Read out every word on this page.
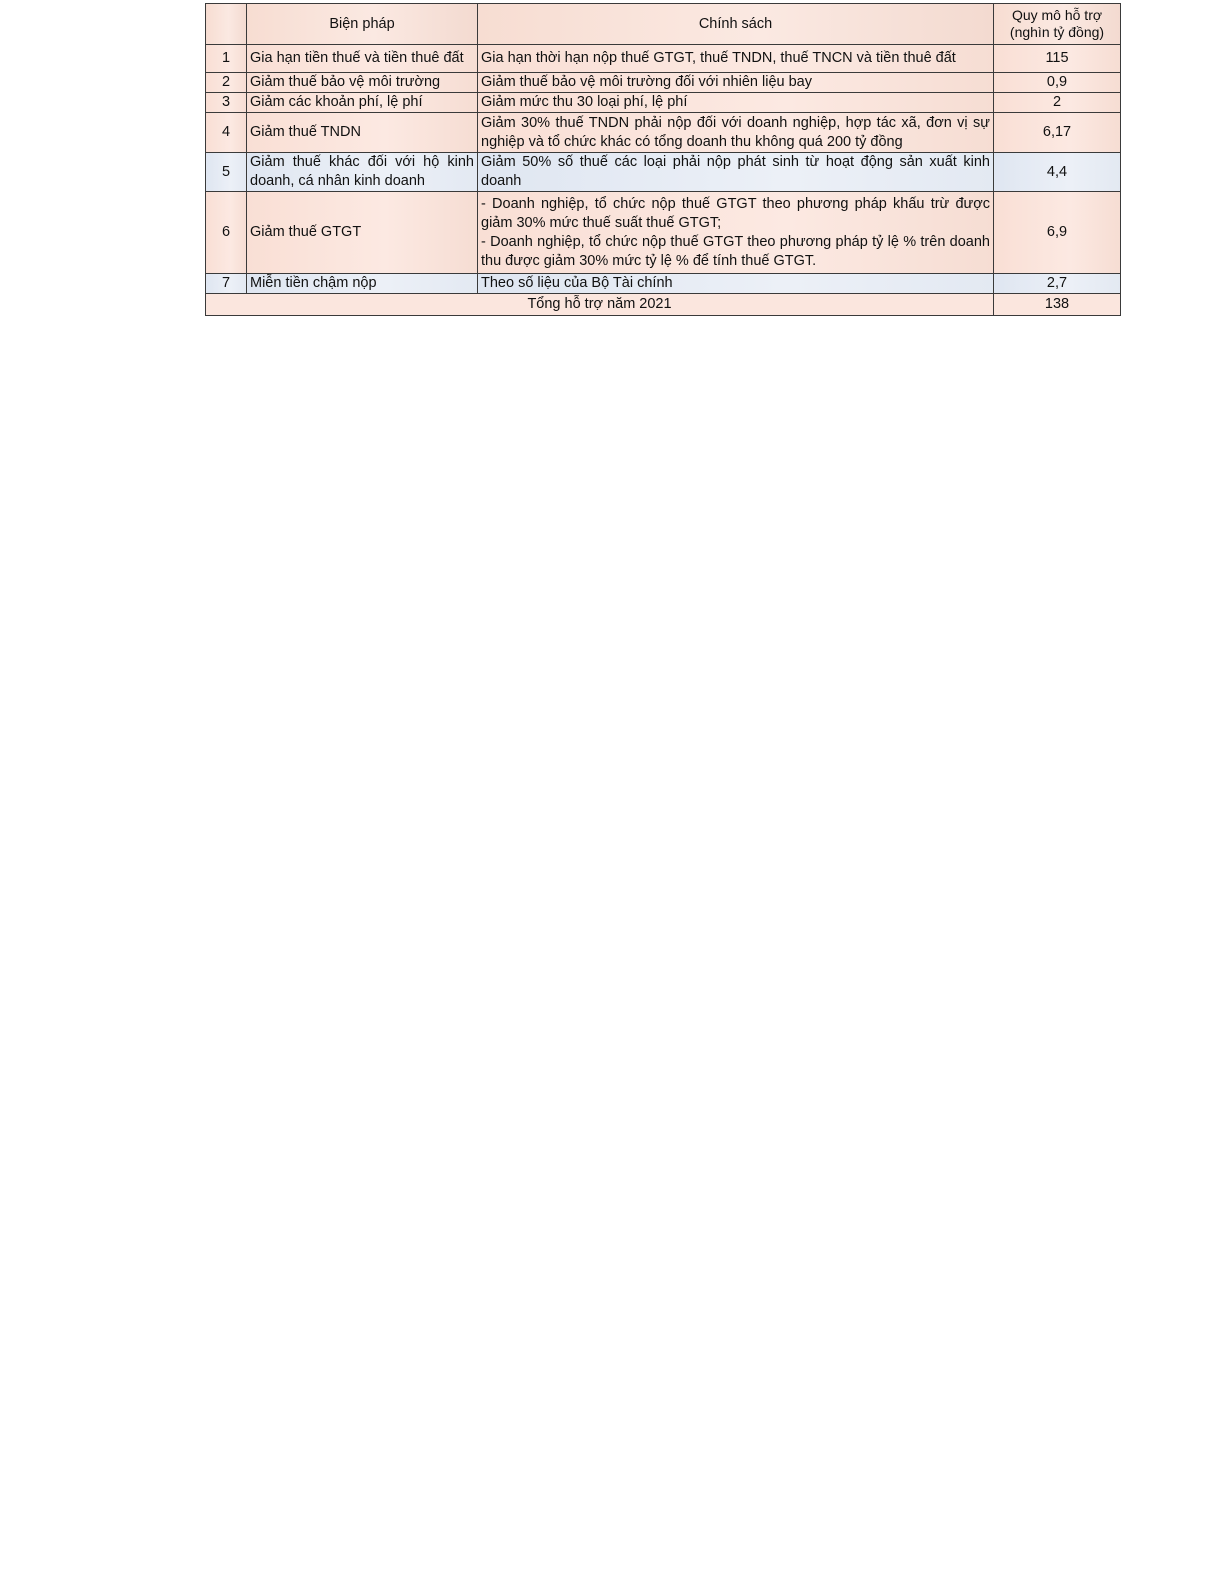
	Biện pháp	Chính sách	Quy mô hỗ trợ
(nghìn tỷ đồng)
1	Gia hạn tiền thuế và tiền thuê đất	Gia hạn thời hạn nộp thuế GTGT, thuế TNDN, thuế TNCN và tiền thuê đất	115
2	Giảm thuế bảo vệ môi trường	Giảm thuế bảo vệ môi trường đối với nhiên liệu bay	0,9
3	Giảm các khoản phí, lệ phí	Giảm mức thu 30 loại phí, lệ phí	2
4	Giảm thuế TNDN	Giảm 30% thuế TNDN phải nộp đối với doanh nghiệp, hợp tác xã, đơn vị sự nghiệp và tổ chức khác có tổng doanh thu không quá 200 tỷ đồng	6,17
5	Giảm thuế khác đối với hộ kinh doanh, cá nhân kinh doanh	Giảm 50% số thuế các loại phải nộp phát sinh từ hoạt động sản xuất kinh doanh	4,4
6	Giảm thuế GTGT	- Doanh nghiệp, tổ chức nộp thuế GTGT theo phương pháp khấu trừ được giảm 30% mức thuế suất thuế GTGT;
- Doanh nghiệp, tổ chức nộp thuế GTGT theo phương pháp tỷ lệ % trên doanh thu được giảm 30% mức tỷ lệ % để tính thuế GTGT.	6,9
7	Miễn tiền chậm nộp	Theo số liệu của Bộ Tài chính	2,7
Tổng hỗ trợ năm 2021			138
